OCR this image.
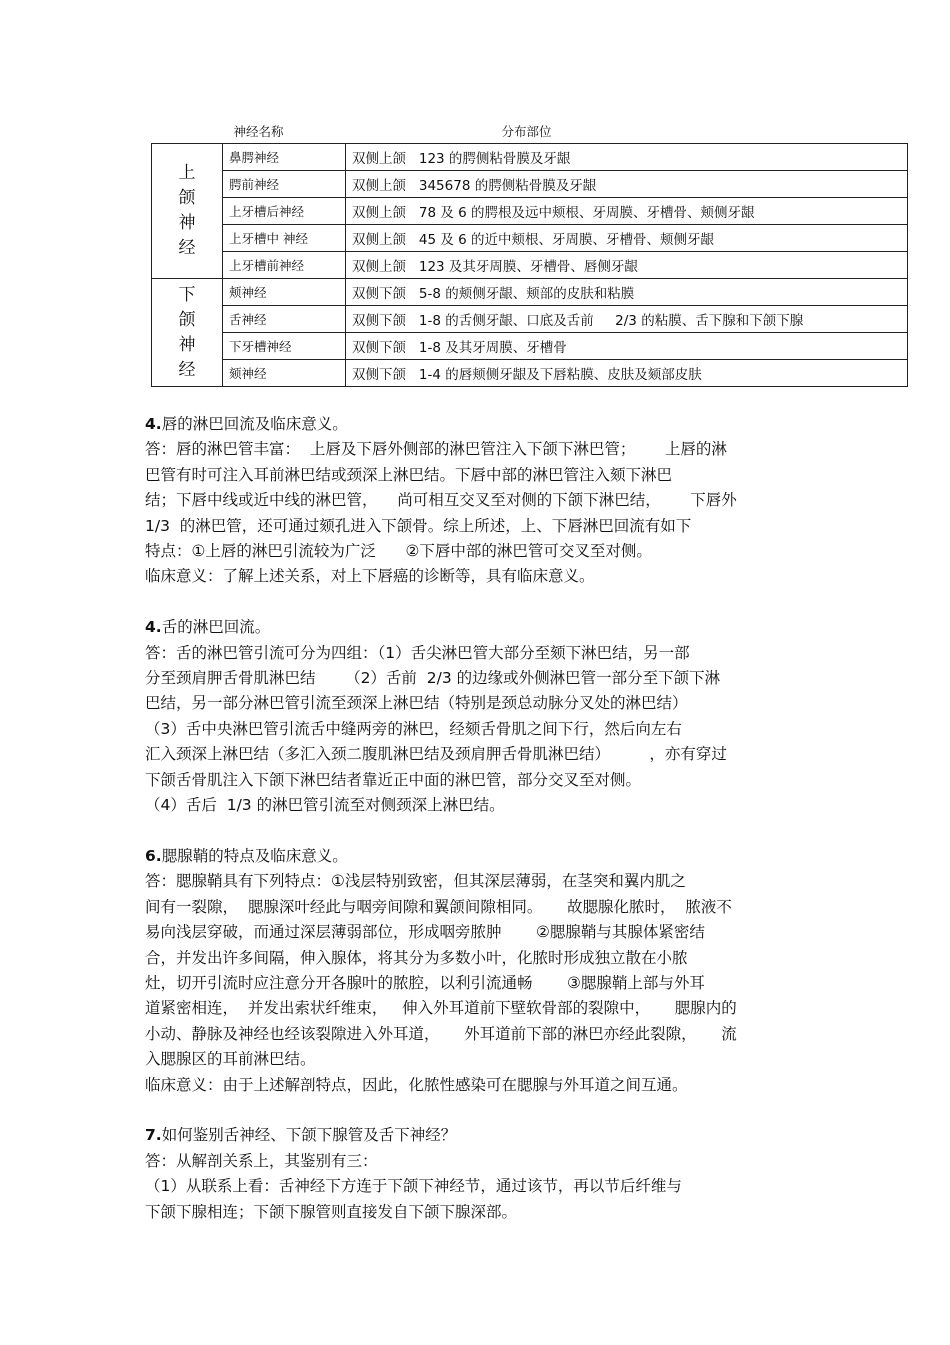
神经名称		分布部位

上
颌
神
经	鼻腭神经	双侧上颌   123 的腭侧粘骨膜及牙龈
	腭前神经	双侧上颌   345678 的腭侧粘骨膜及牙龈
	上牙槽后神经	双侧上颌   78 及 6 的腭根及远中颊根、牙周膜、牙槽骨、颊侧牙龈
	上牙槽中 神经	双侧上颌   45 及 6 的近中颊根、牙周膜、牙槽骨、颊侧牙龈
	上牙槽前神经	双侧上颌   123 及其牙周膜、牙槽骨、唇侧牙龈

下
颌
神
经	颊神经	双侧下颌   5-8 的颊侧牙龈、颊部的皮肤和粘膜
	舌神经	双侧下颌   1-8 的舌侧牙龈、口底及舌前     2/3 的粘膜、舌下腺和下颌下腺
	下牙槽神经	双侧下颌   1-8 及其牙周膜、牙槽骨
	颏神经	双侧下颌   1-4 的唇颊侧牙龈及下唇粘膜、皮肤及颏部皮肤

4.唇的淋巴回流及临床意义。

答：唇的淋巴管丰富：  上唇及下唇外侧部的淋巴管注入下颌下淋巴管；      上唇的淋

巴管有时可注入耳前淋巴结或颈深上淋巴结。下唇中部的淋巴管注入颏下淋巴

结；下唇中线或近中线的淋巴管，    尚可相互交叉至对侧的下颌下淋巴结，      下唇外

1/3  的淋巴管，还可通过颏孔进入下颌骨。综上所述，上、下唇淋巴回流有如下

特点：①上唇的淋巴引流较为广泛      ②下唇中部的淋巴管可交叉至对侧。

临床意义：了解上述关系，对上下唇癌的诊断等，具有临床意义。

4.舌的淋巴回流。

答：舌的淋巴管引流可分为四组：（1）舌尖淋巴管大部分至颏下淋巴结，另一部

分至颈肩胛舌骨肌淋巴结      （2）舌前  2/3 的边缘或外侧淋巴管一部分至下颌下淋

巴结，另一部分淋巴管引流至颈深上淋巴结（特别是颈总动脉分叉处的淋巴结）

（3）舌中央淋巴管引流舌中缝两旁的淋巴，经颏舌骨肌之间下行，然后向左右

汇入颈深上淋巴结（多汇入颈二腹肌淋巴结及颈肩胛舌骨肌淋巴结）        ，亦有穿过

下颌舌骨肌注入下颌下淋巴结者靠近正中面的淋巴管，部分交叉至对侧。

（4）舌后  1/3 的淋巴管引流至对侧颈深上淋巴结。

6.腮腺鞘的特点及临床意义。

答：腮腺鞘具有下列特点：①浅层特别致密，但其深层薄弱，在茎突和翼内肌之

间有一裂隙，  腮腺深叶经此与咽旁间隙和翼颌间隙相同。     故腮腺化脓时，  脓液不

易向浅层穿破，而通过深层薄弱部位，形成咽旁脓肿       ②腮腺鞘与其腺体紧密结

合，并发出许多间隔，伸入腺体，将其分为多数小叶，化脓时形成独立散在小脓

灶，切开引流时应注意分开各腺叶的脓腔，以利引流通畅       ③腮腺鞘上部与外耳

道紧密相连，  并发出索状纤维束，   伸入外耳道前下壁软骨部的裂隙中，     腮腺内的

小动、静脉及神经也经该裂隙进入外耳道，     外耳道前下部的淋巴亦经此裂隙，     流

入腮腺区的耳前淋巴结。

临床意义：由于上述解剖特点，因此，化脓性感染可在腮腺与外耳道之间互通。

7.如何鉴别舌神经、下颌下腺管及舌下神经？

答：从解剖关系上，其鉴别有三：

（1）从联系上看：舌神经下方连于下颌下神经节，通过该节，再以节后纤维与

下颌下腺相连；下颌下腺管则直接发自下颌下腺深部。
